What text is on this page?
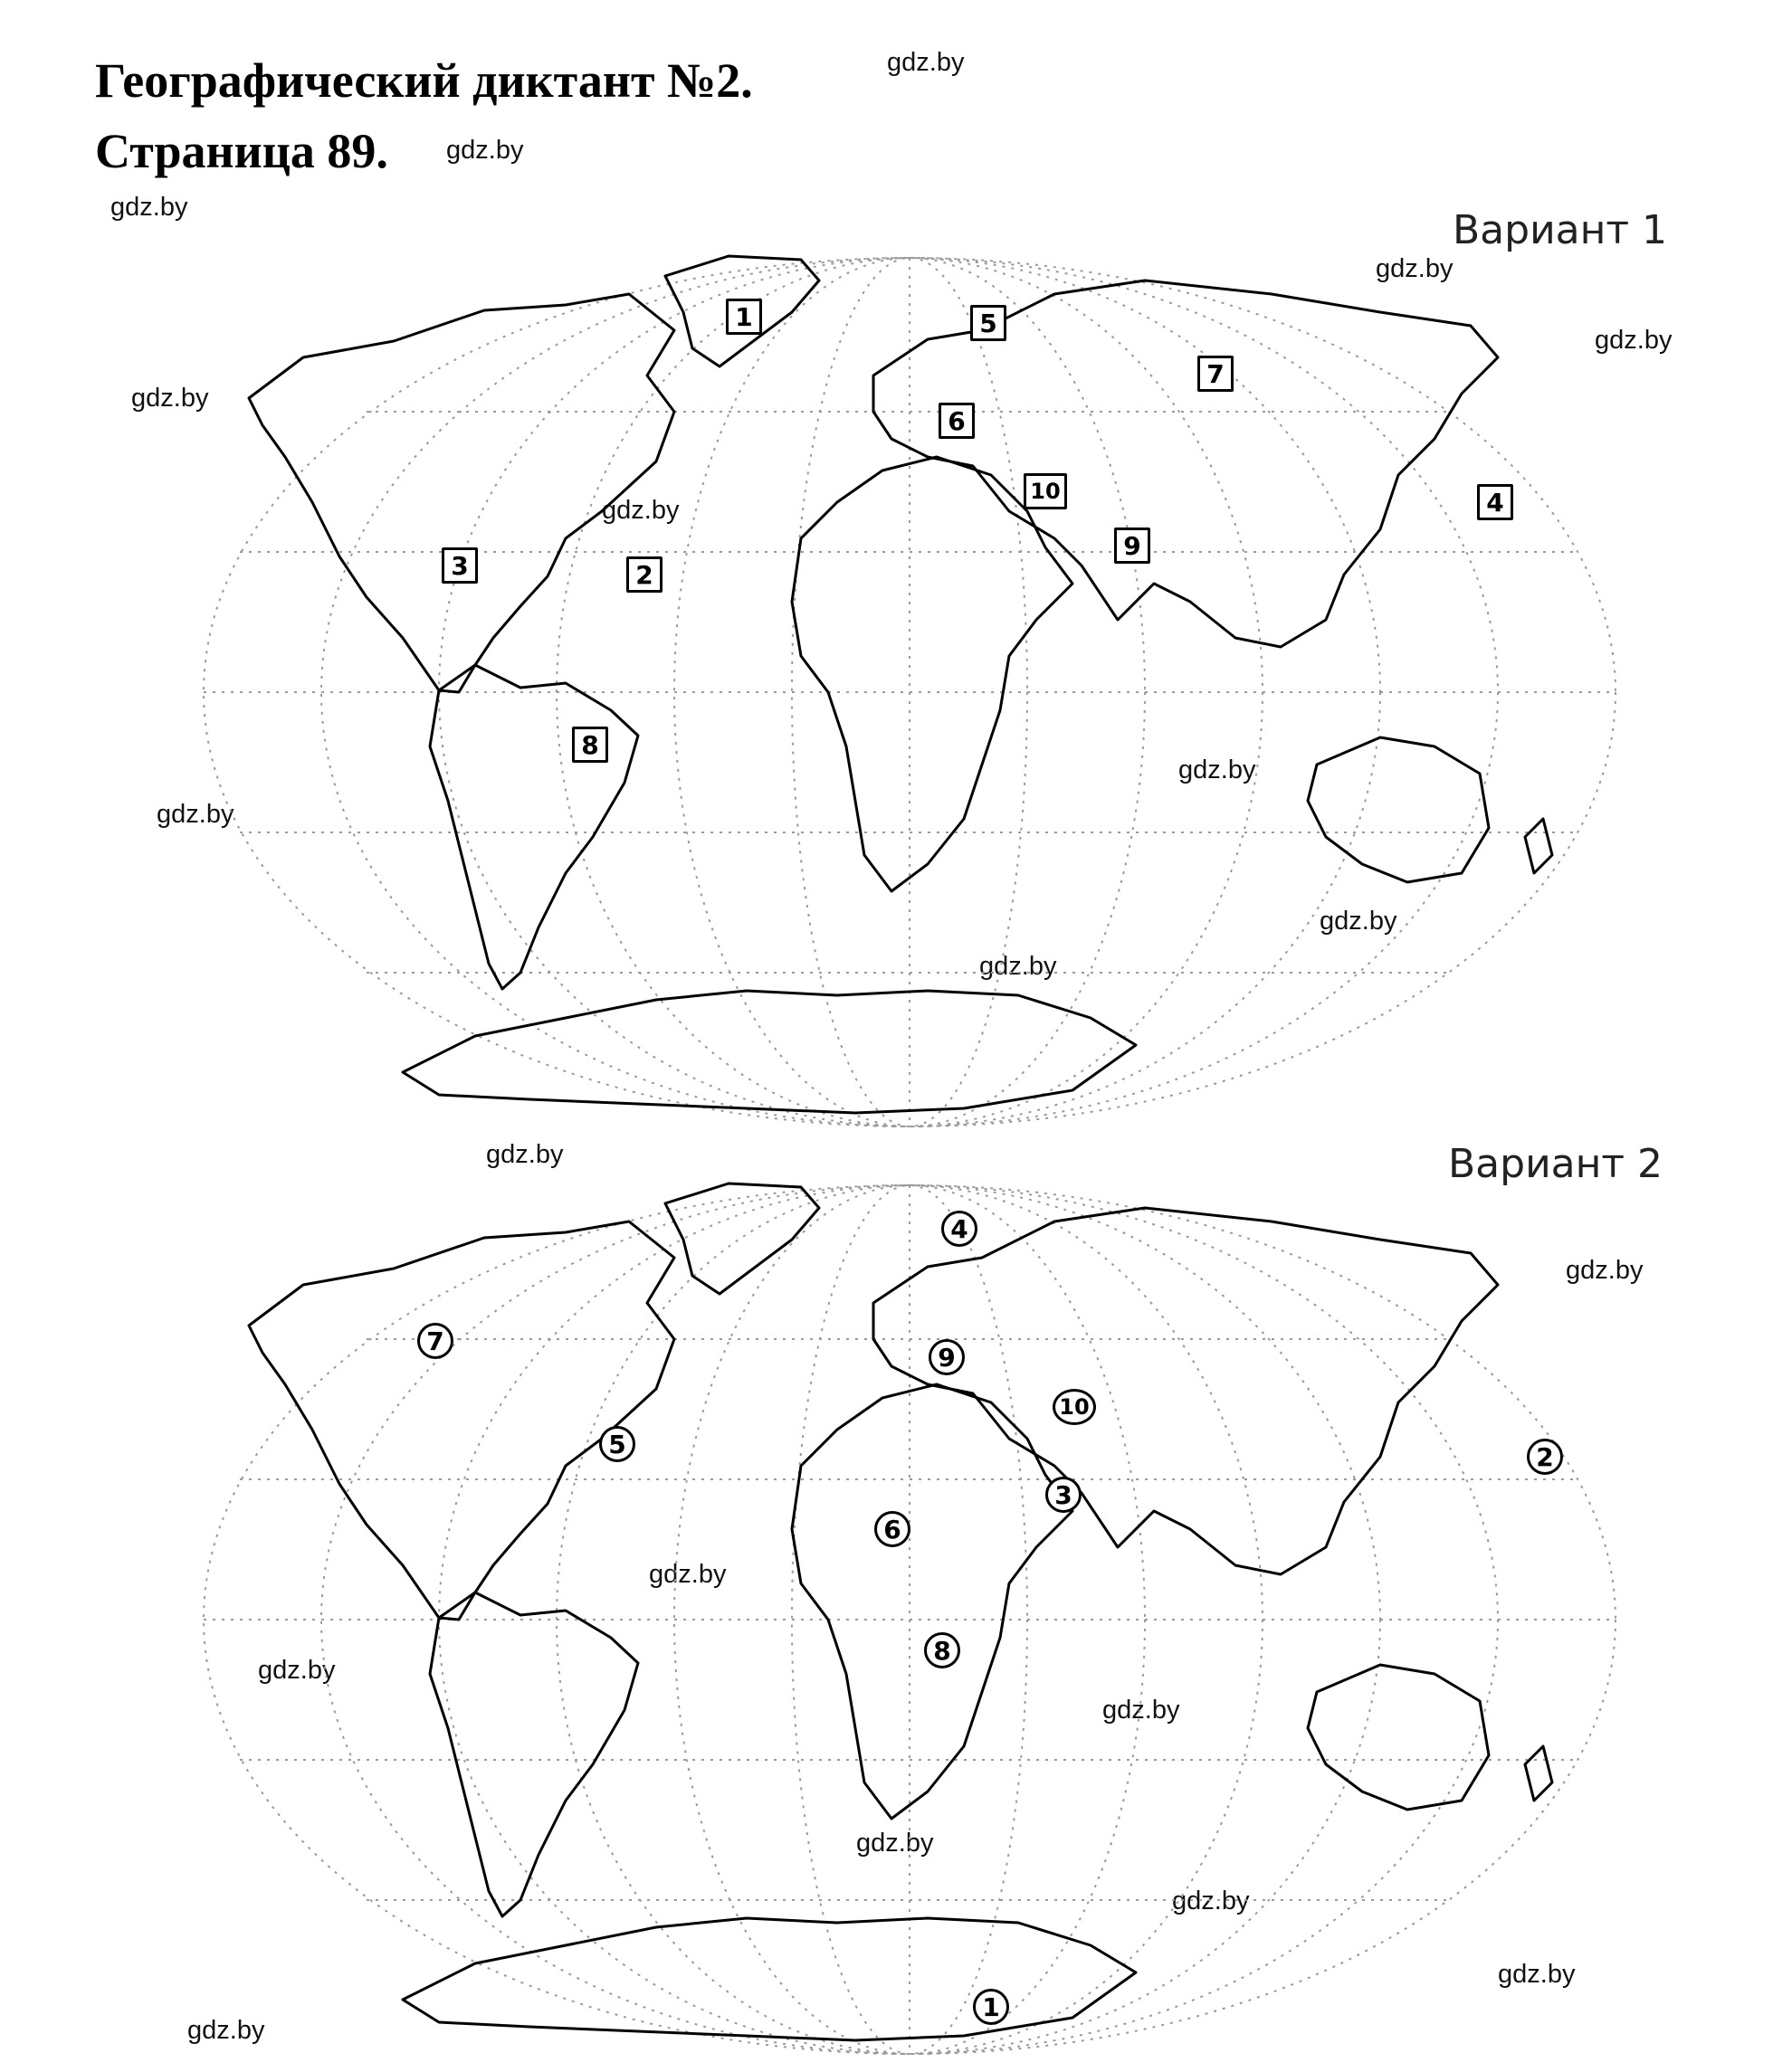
Географический диктант №2.
Страница 89.
gdz.by
gdz.by
gdz.by
gdz.by
gdz.by
gdz.by
gdz.by
gdz.by
gdz.by
gdz.by
gdz.by
gdz.by
gdz.by
gdz.by
gdz.by
gdz.by
gdz.by
gdz.by
gdz.by
gdz.by
Вариант 1
Вариант 2
1
2
3
4
5
6
7
8
9
10
1
2
3
4
5
6
7
8
9
10
